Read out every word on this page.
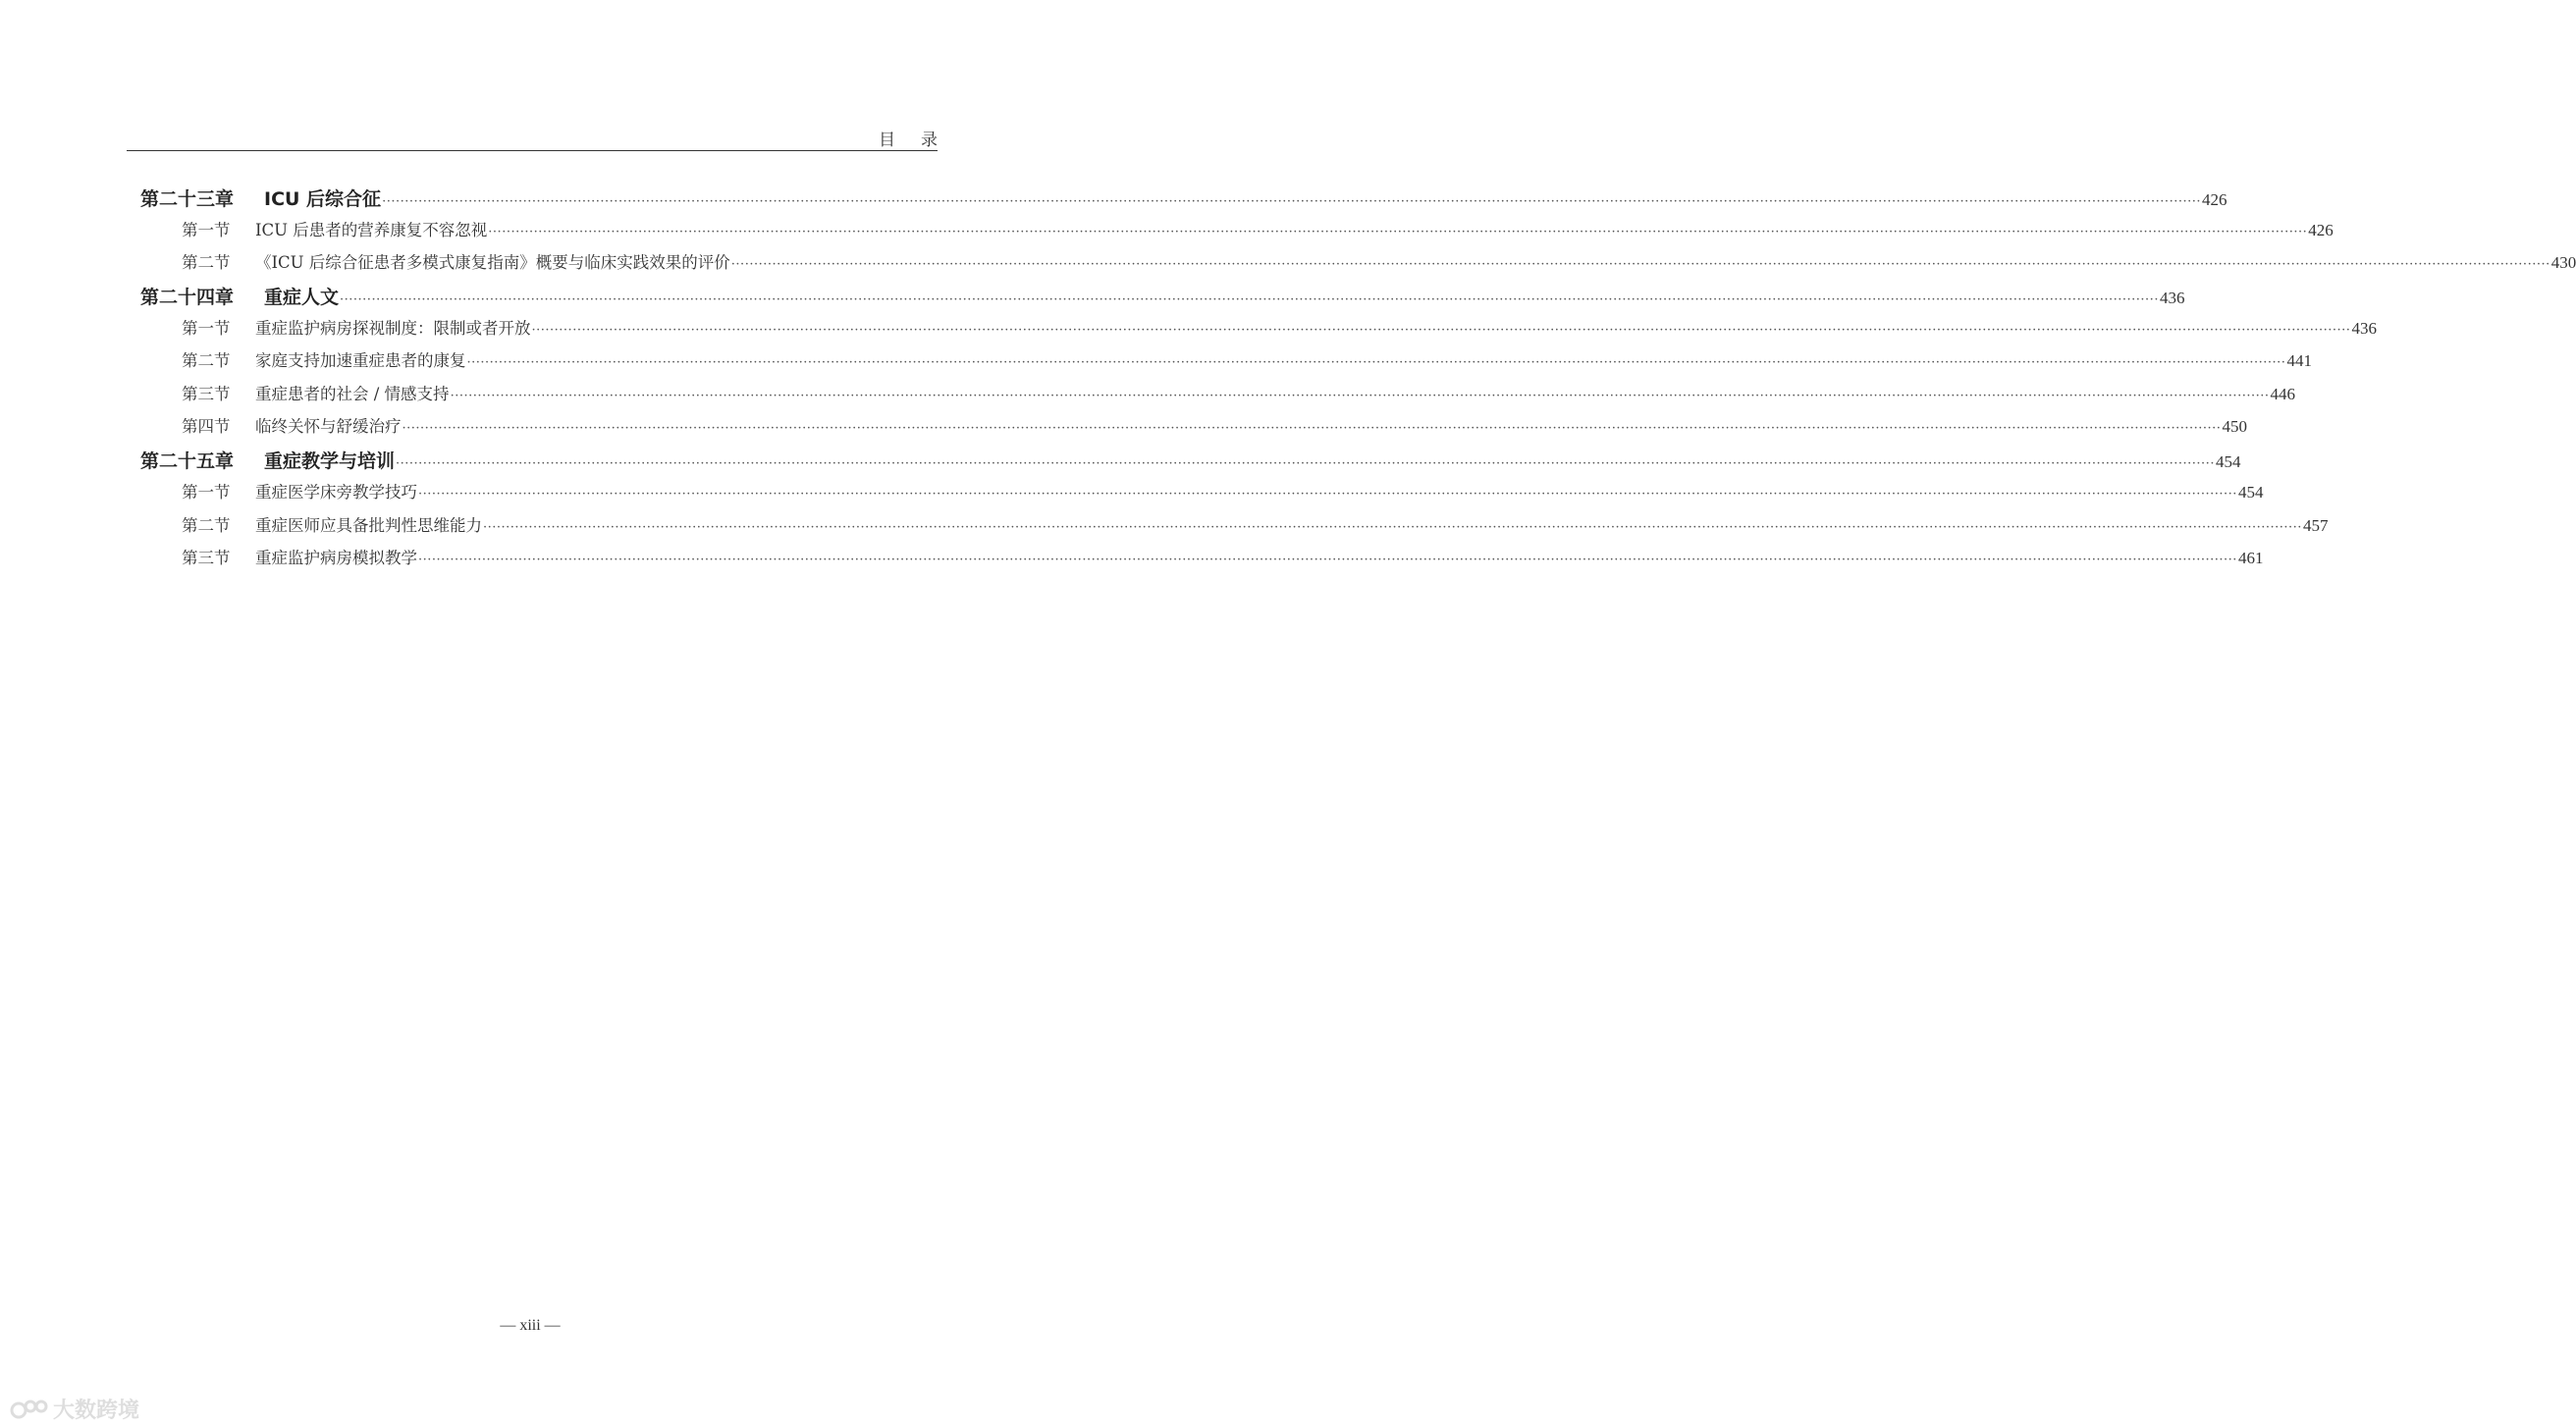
目录
第二十三章 ICU 后综合征 ················································································································································································································································································································································································································ 426
第一节 ICU 后患者的营养康复不容忽视 ················································································································································································································································································································································································································ 426
第二节 《ICU 后综合征患者多模式康复指南》概要与临床实践效果的评价 ················································································································································································································································································································································································································ 430
第二十四章 重症人文 ················································································································································································································································································································································································································ 436
第一节 重症监护病房探视制度：限制或者开放 ················································································································································································································································································································································································································ 436
第二节 家庭支持加速重症患者的康复 ················································································································································································································································································································································································································ 441
第三节 重症患者的社会 / 情感支持 ················································································································································································································································································································································································································ 446
第四节 临终关怀与舒缓治疗 ················································································································································································································································································································································································································ 450
第二十五章 重症教学与培训 ················································································································································································································································································································································································································ 454
第一节 重症医学床旁教学技巧 ················································································································································································································································································································································································································ 454
第二节 重症医师应具备批判性思维能力 ················································································································································································································································································································································································································ 457
第三节 重症监护病房模拟教学 ················································································································································································································································································································································································································ 461
— xiii —
大数跨境
